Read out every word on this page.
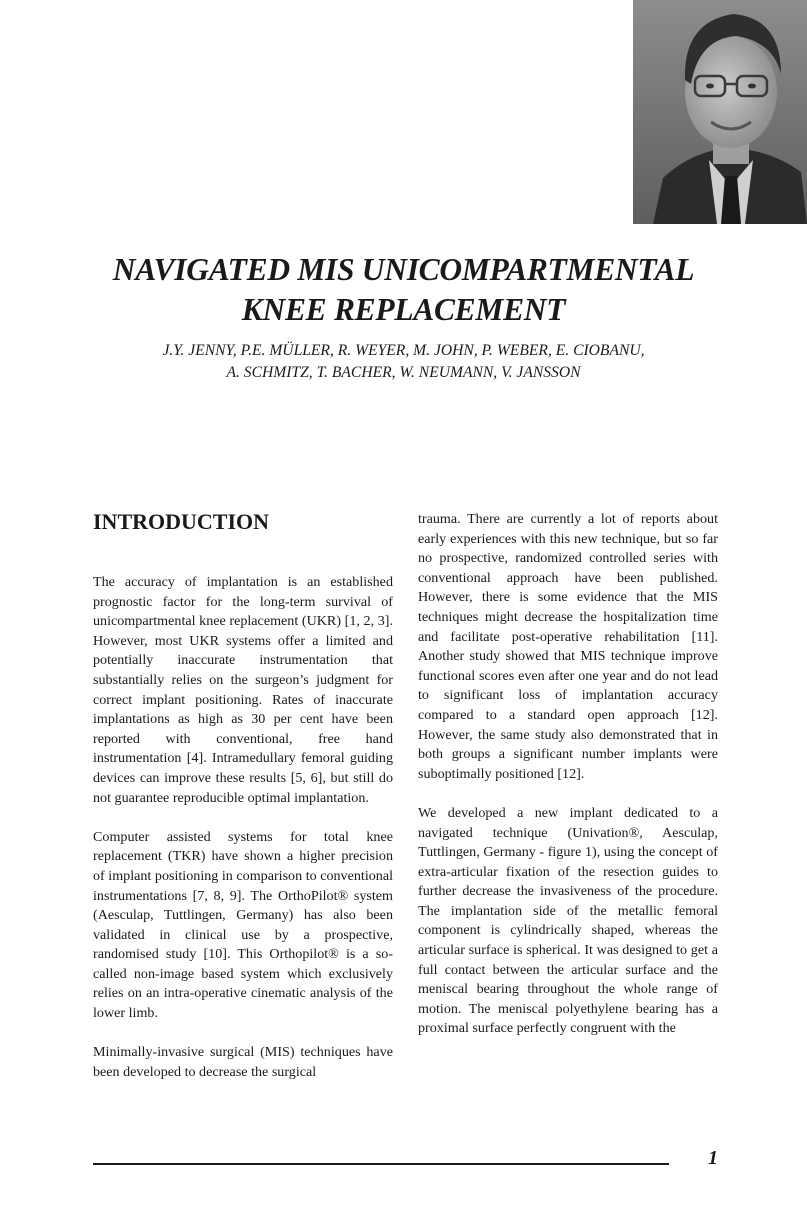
NAVIGATED MIS UNICOMPARTMENTAL
KNEE REPLACEMENT

J.Y. JENNY, P.E. MÜLLER, R. WEYER, M. JOHN, P. WEBER, E. CIOBANU,
A. SCHMITZ, T. BACHER, W. NEUMANN, V. JANSSON

INTRODUCTION

The accuracy of implantation is an established prognostic factor for the long-term survival of unicompartmental knee replacement (UKR) [1, 2, 3]. However, most UKR systems offer a limited and potentially inaccurate instrumentation that substantially relies on the surgeon’s judgment for correct implant positioning. Rates of inaccurate implantations as high as 30 per cent have been reported with conventional, free hand instrumentation [4]. Intramedullary femoral guiding devices can improve these results [5, 6], but still do not guarantee reproducible optimal implantation.

Computer assisted systems for total knee replacement (TKR) have shown a higher precision of implant positioning in comparison to conventional instrumentations [7, 8, 9]. The OrthoPilot® system (Aesculap, Tuttlingen, Germany) has also been validated in clinical use by a prospective, randomised study [10]. This Orthopilot® is a so-called non-image based system which exclusively relies on an intra-operative cinematic analysis of the lower limb.

Minimally-invasive surgical (MIS) techniques have been developed to decrease the surgical

trauma. There are currently a lot of reports about early experiences with this new technique, but so far no prospective, randomized controlled series with conventional approach have been published. However, there is some evidence that the MIS techniques might decrease the hospitalization time and facilitate post-operative rehabilitation [11]. Another study showed that MIS technique improve functional scores even after one year and do not lead to significant loss of implantation accuracy compared to a standard open approach [12]. However, the same study also demonstrated that in both groups a significant number implants were suboptimally positioned [12].

We developed a new implant dedicated to a navigated technique (Univation®, Aesculap, Tuttlingen, Germany - figure 1), using the concept of extra-articular fixation of the resection guides to further decrease the invasiveness of the procedure. The implantation side of the metallic femoral component is cylindrically shaped, whereas the articular surface is spherical. It was designed to get a full contact between the articular surface and the meniscal bearing throughout the whole range of motion. The meniscal polyethylene bearing has a proximal surface perfectly congruent with the

1
